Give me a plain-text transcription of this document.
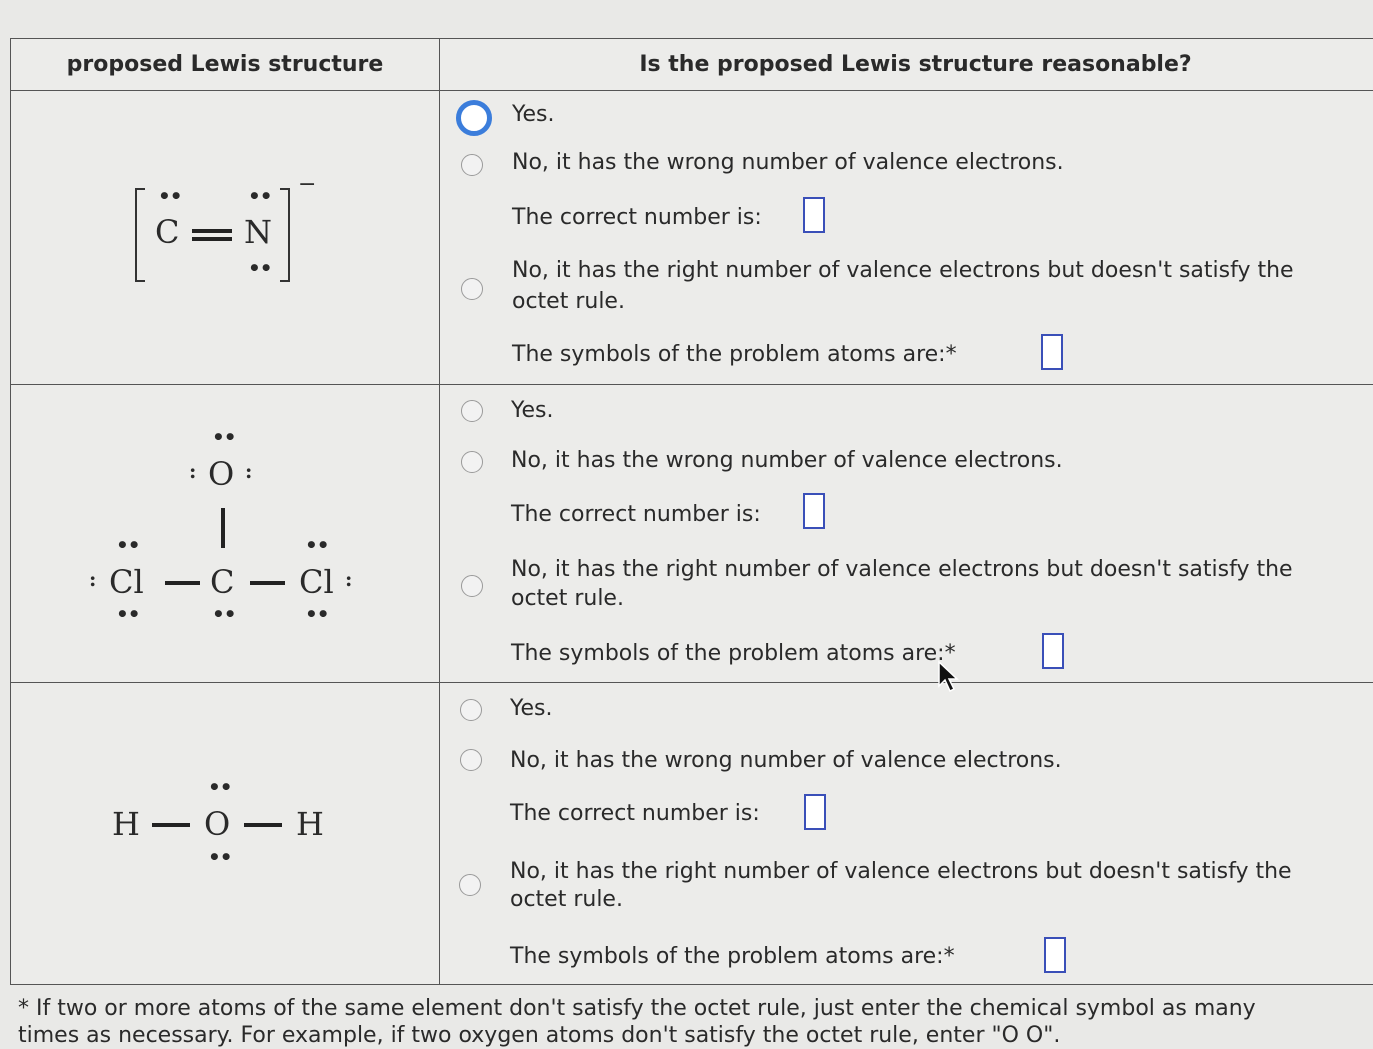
proposed Lewis structure	Is the proposed Lewis structure reasonable?
−
••
C
••
N
••
••
: O :
••
: Cl
••
C
••
••
Cl :
••
H
••
O
••
H
Yes.
No, it has the wrong number of valence electrons.
The correct number is:
No, it has the right number of valence electrons but doesn't satisfy the
octet rule.
The symbols of the problem atoms are:*
Yes.
No, it has the wrong number of valence electrons.
The correct number is:
No, it has the right number of valence electrons but doesn't satisfy the
octet rule.
The symbols of the problem atoms are:*
Yes.
No, it has the wrong number of valence electrons.
The correct number is:
No, it has the right number of valence electrons but doesn't satisfy the
octet rule.
The symbols of the problem atoms are:*
* If two or more atoms of the same element don't satisfy the octet rule, just enter the chemical symbol as many
times as necessary. For example, if two oxygen atoms don't satisfy the octet rule, enter "O O".
